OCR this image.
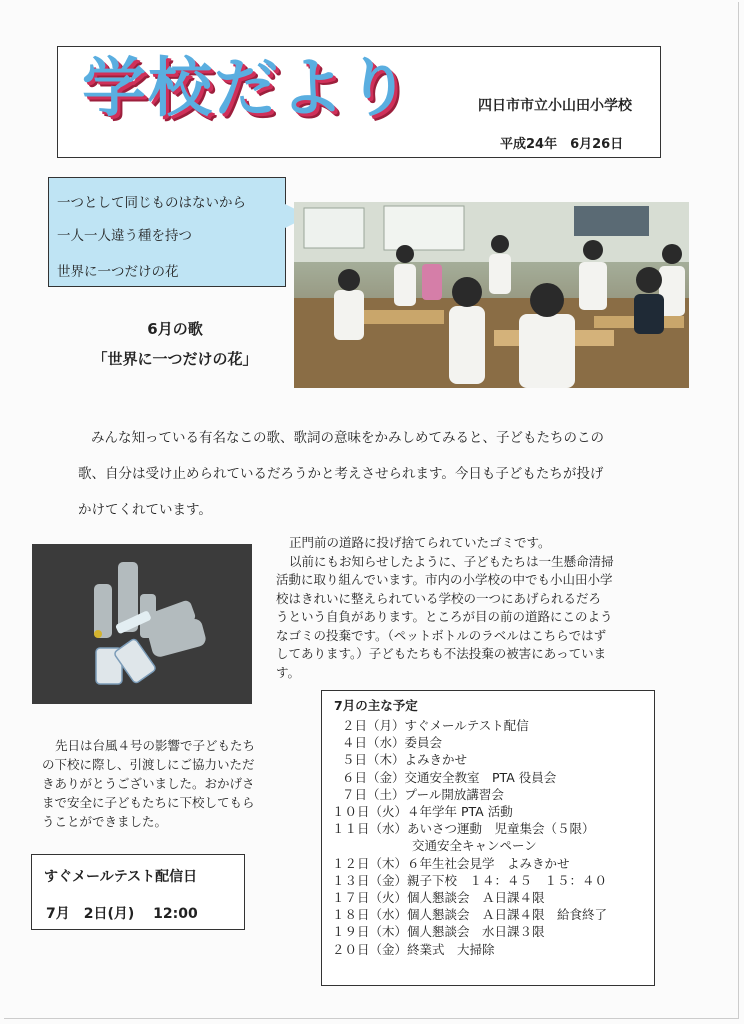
学校だより	四日市市立小山田小学校
平成24年　6月26日
一つとして同じものはないから
一人一人違う種を持つ
世界に一つだけの花
6月の歌
「世界に一つだけの花」
みんな知っている有名なこの歌、歌詞の意味をかみしめてみると、子どもたちのこの
歌、自分は受け止められているだろうかと考えさせられます。今日も子どもたちが投げ
かけてくれています。
正門前の道路に投げ捨てられていたゴミです。
以前にもお知らせしたように、子どもたちは一生懸命清掃
活動に取り組んでいます。市内の小学校の中でも小山田小学
校はきれいに整えられている学校の一つにあげられるだろ
うという自負があります。ところが目の前の道路にこのよう
なゴミの投棄です。（ペットボトルのラベルはこちらではず
してあります。）子どもたちも不法投棄の被害にあっていま
す。
先日は台風４号の影響で子どもたち
の下校に際し、引渡しにご協力いただ
きありがとうございました。おかげさ
まで安全に子どもたちに下校してもら
うことができました。
すぐメールテスト配信日
7月　2日(月)　 12:00
7月の主な予定
２日（月）すぐメールテスト配信
４日（水）委員会
５日（木）よみきかせ
６日（金）交通安全教室　PTA 役員会
７日（土）プール開放講習会
１０日（火）４年学年 PTA 活動
１１日（水）あいさつ運動　児童集会（５限）
交通安全キャンペーン
１２日（木）６年生社会見学　よみきかせ
１３日（金）親子下校　１４：４５　１５：４０
１７日（火）個人懇談会　Ａ日課４限
１８日（水）個人懇談会　Ａ日課４限　給食終了
１９日（木）個人懇談会　水日課３限
２０日（金）終業式　大掃除
